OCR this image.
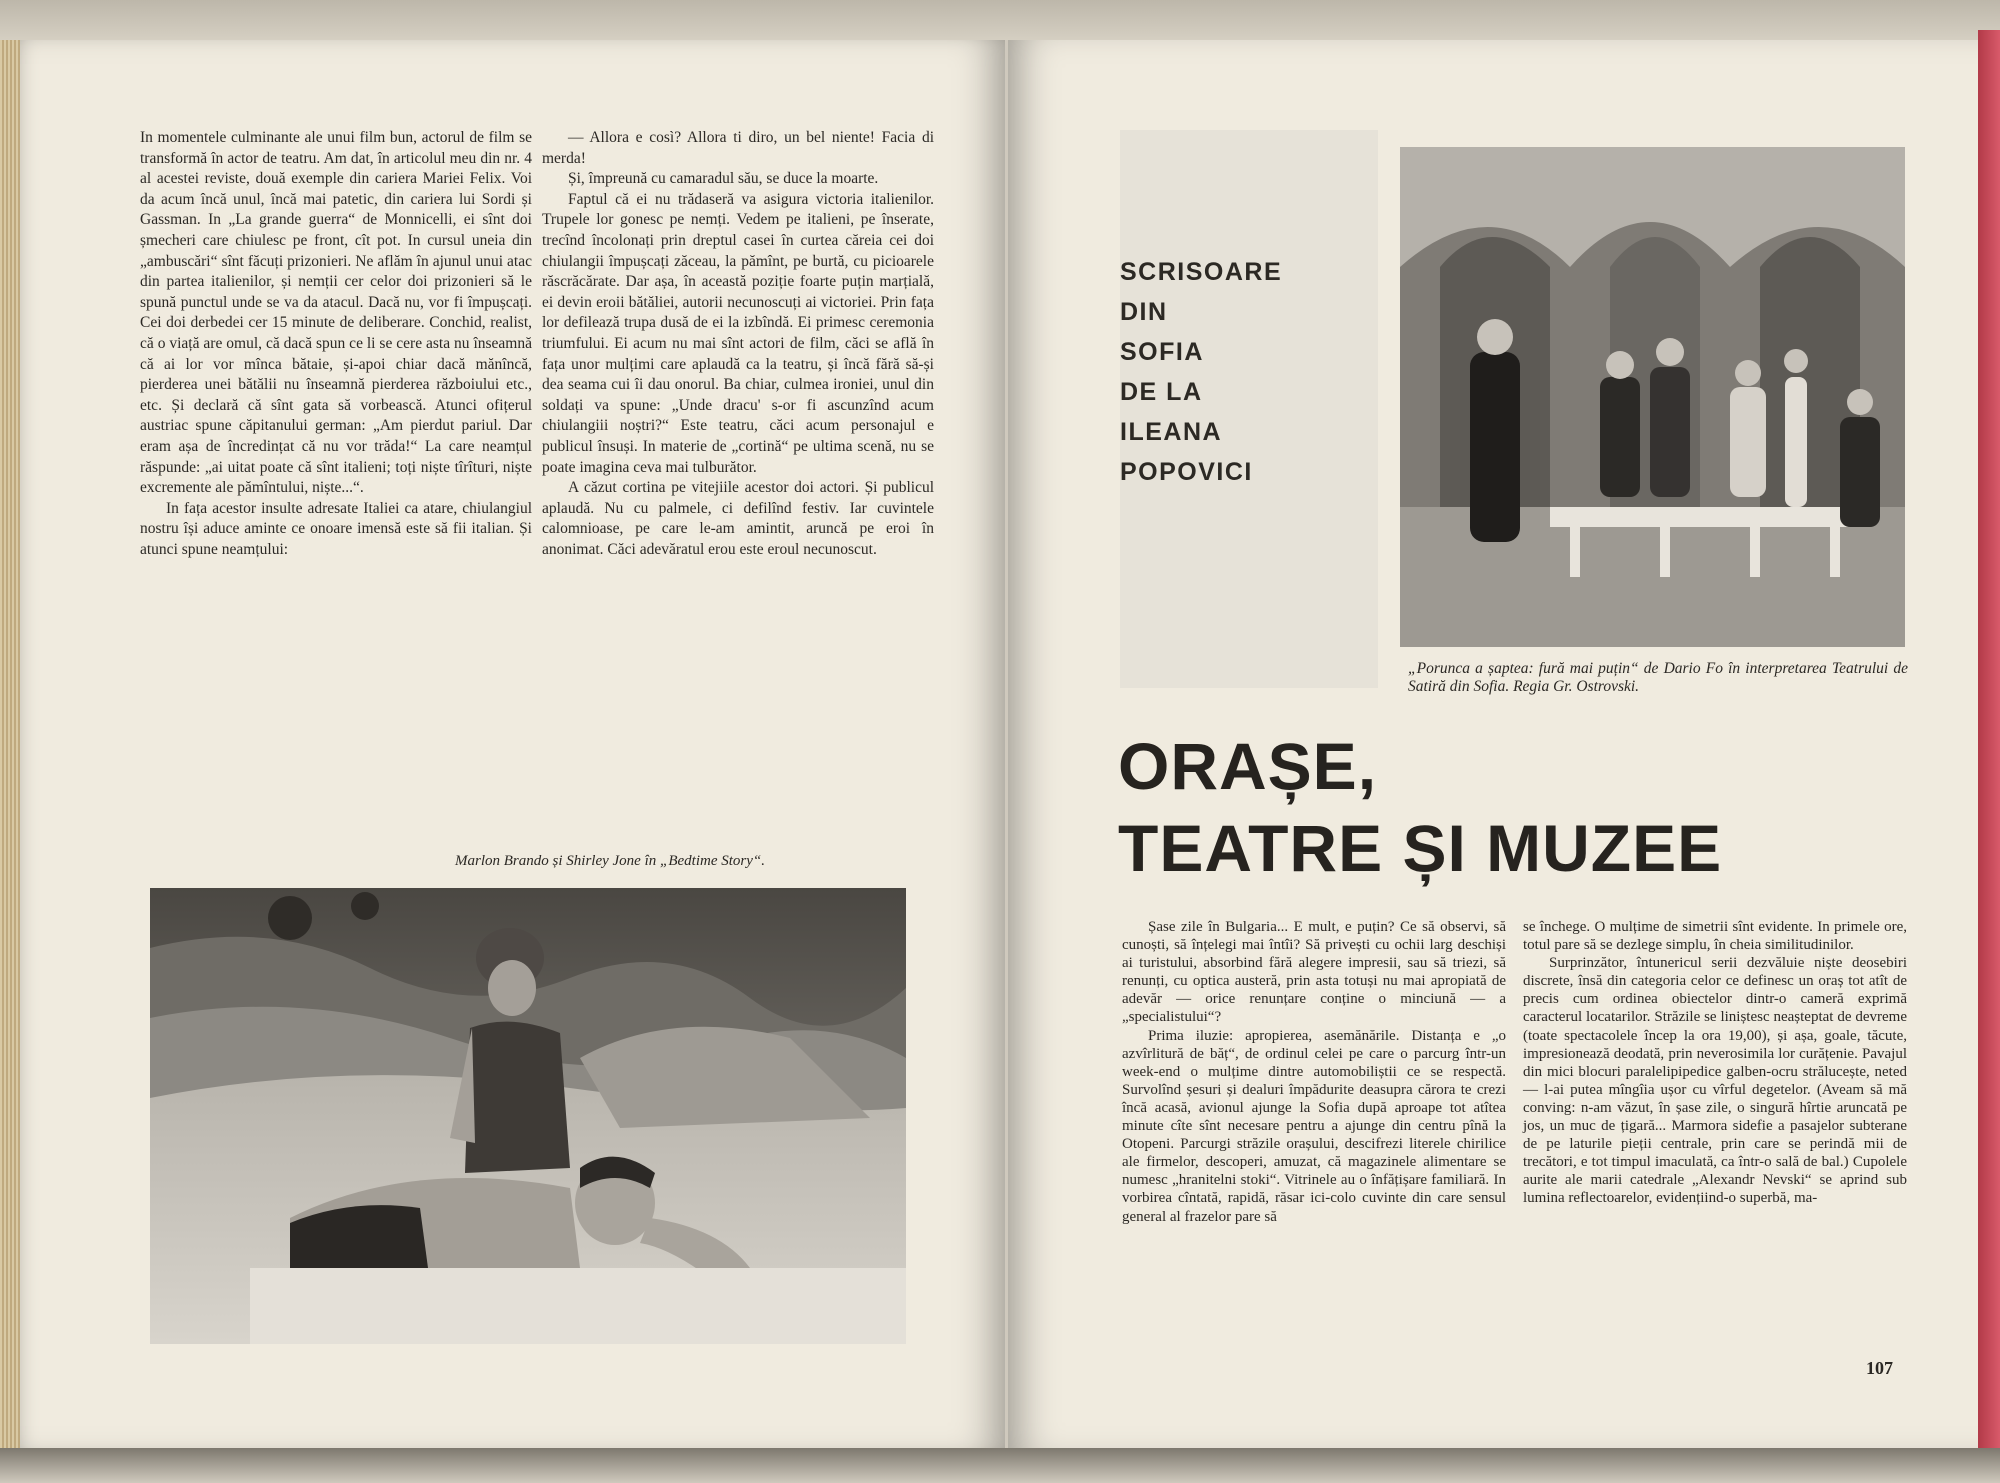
In momentele culminante ale unui film bun, actorul de film se transformă în actor de teatru. Am dat, în articolul meu din nr. 4 al acestei reviste, două exemple din cariera Mariei Felix. Voi da acum încă unul, încă mai patetic, din cariera lui Sordi și Gassman. In „La grande guerra“ de Monnicelli, ei sînt doi șmecheri care chiulesc pe front, cît pot. In cursul uneia din „ambuscări“ sînt făcuți prizonieri. Ne aflăm în ajunul unui atac din partea italienilor, și nemții cer celor doi prizonieri să le spună punctul unde se va da atacul. Dacă nu, vor fi împușcați. Cei doi derbedei cer 15 minute de deliberare. Conchid, realist, că o viață are omul, că dacă spun ce li se cere asta nu înseamnă că ai lor vor mînca bătaie, și-apoi chiar dacă mănîncă, pierderea unei bătălii nu înseamnă pierderea războiului etc., etc. Și declară că sînt gata să vorbească. Atunci ofițerul austriac spune căpitanului german: „Am pierdut pariul. Dar eram așa de încredințat că nu vor trăda!“ La care neamțul răspunde: „ai uitat poate că sînt italieni; toți niște tîrîturi, niște excremente ale pămîntului, niște...“.

In fața acestor insulte adresate Italiei ca atare, chiulangiul nostru își aduce aminte ce onoare imensă este să fii italian. Și atunci spune neamțului:

— Allora e così? Allora ti diro, un bel niente! Facia di merda!

Și, împreună cu camaradul său, se duce la moarte.

Faptul că ei nu trădaseră va asigura victoria italienilor. Trupele lor gonesc pe nemți. Vedem pe italieni, pe înserate, trecînd încolonați prin dreptul casei în curtea căreia cei doi chiulangii împușcați zăceau, la pămînt, pe burtă, cu picioarele răscrăcărate. Dar așa, în această poziție foarte puțin marțială, ei devin eroii bătăliei, autorii necunoscuți ai victoriei. Prin fața lor defilează trupa dusă de ei la izbîndă. Ei primesc ceremonia triumfului. Ei acum nu mai sînt actori de film, căci se află în fața unor mulțimi care aplaudă ca la teatru, și încă fără să-și dea seama cui îi dau onorul. Ba chiar, culmea ironiei, unul din soldați va spune: „Unde dracu' s-or fi ascunzînd acum chiulangiii noștri?“ Este teatru, căci acum personajul e publicul însuși. In materie de „cortină“ pe ultima scenă, nu se poate imagina ceva mai tulburător.

A căzut cortina pe vitejiile acestor doi actori. Și publicul aplaudă. Nu cu palmele, ci defilînd festiv. Iar cuvintele calomnioase, pe care le-am amintit, aruncă pe eroi în anonimat. Căci adevăratul erou este eroul necunoscut.

Marlon Brando și Shirley Jone în „Bedtime Story“.
SCRISOARE
DIN
SOFIA
DE LA
ILEANA
POPOVICI
„Porunca a șaptea: fură mai puțin“ de Dario Fo în interpretarea Teatrului de Satiră din Sofia. Regia Gr. Ostrovski.
ORAȘE,
TEATRE ȘI MUZEE

Șase zile în Bulgaria... E mult, e puțin? Ce să observi, să cunoști, să înțelegi mai întîi? Să privești cu ochii larg deschiși ai turistului, absorbind fără alegere impresii, sau să triezi, să renunți, cu optica austeră, prin asta totuși nu mai apropiată de adevăr — orice renunțare conține o minciună — a „specialistului“?

Prima iluzie: apropierea, asemănările. Distanța e „o azvîrlitură de băț“, de ordinul celei pe care o parcurg într-un week-end o mulțime dintre automobiliștii ce se respectă. Survolînd șesuri și dealuri împădurite deasupra cărora te crezi încă acasă, avionul ajunge la Sofia după aproape tot atîtea minute cîte sînt necesare pentru a ajunge din centru pînă la Otopeni. Parcurgi străzile orașului, descifrezi literele chirilice ale firmelor, descoperi, amuzat, că magazinele alimentare se numesc „hranitelni stoki“. Vitrinele au o înfățișare familiară. In vorbirea cîntată, rapidă, răsar ici-colo cuvinte din care sensul general al frazelor pare să

se închege. O mulțime de simetrii sînt evidente. In primele ore, totul pare să se dezlege simplu, în cheia similitudinilor.

Surprinzător, întunericul serii dezvăluie niște deosebiri discrete, însă din categoria celor ce definesc un oraș tot atît de precis cum ordinea obiectelor dintr-o cameră exprimă caracterul locatarilor. Străzile se liniștesc neașteptat de devreme (toate spectacolele încep la ora 19,00), și așa, goale, tăcute, impresionează deodată, prin neverosimila lor curățenie. Pavajul din mici blocuri paralelipipedice galben-ocru strălucește, neted — l-ai putea mîngîia ușor cu vîrful degetelor. (Aveam să mă conving: n-am văzut, în șase zile, o singură hîrtie aruncată pe jos, un muc de țigară... Marmora sidefie a pasajelor subterane de pe laturile pieții centrale, prin care se perindă mii de trecători, e tot timpul imaculată, ca într-o sală de bal.) Cupolele aurite ale marii catedrale „Alexandr Nevski“ se aprind sub lumina reflectoarelor, evidențiind-o superbă, ma-

107
